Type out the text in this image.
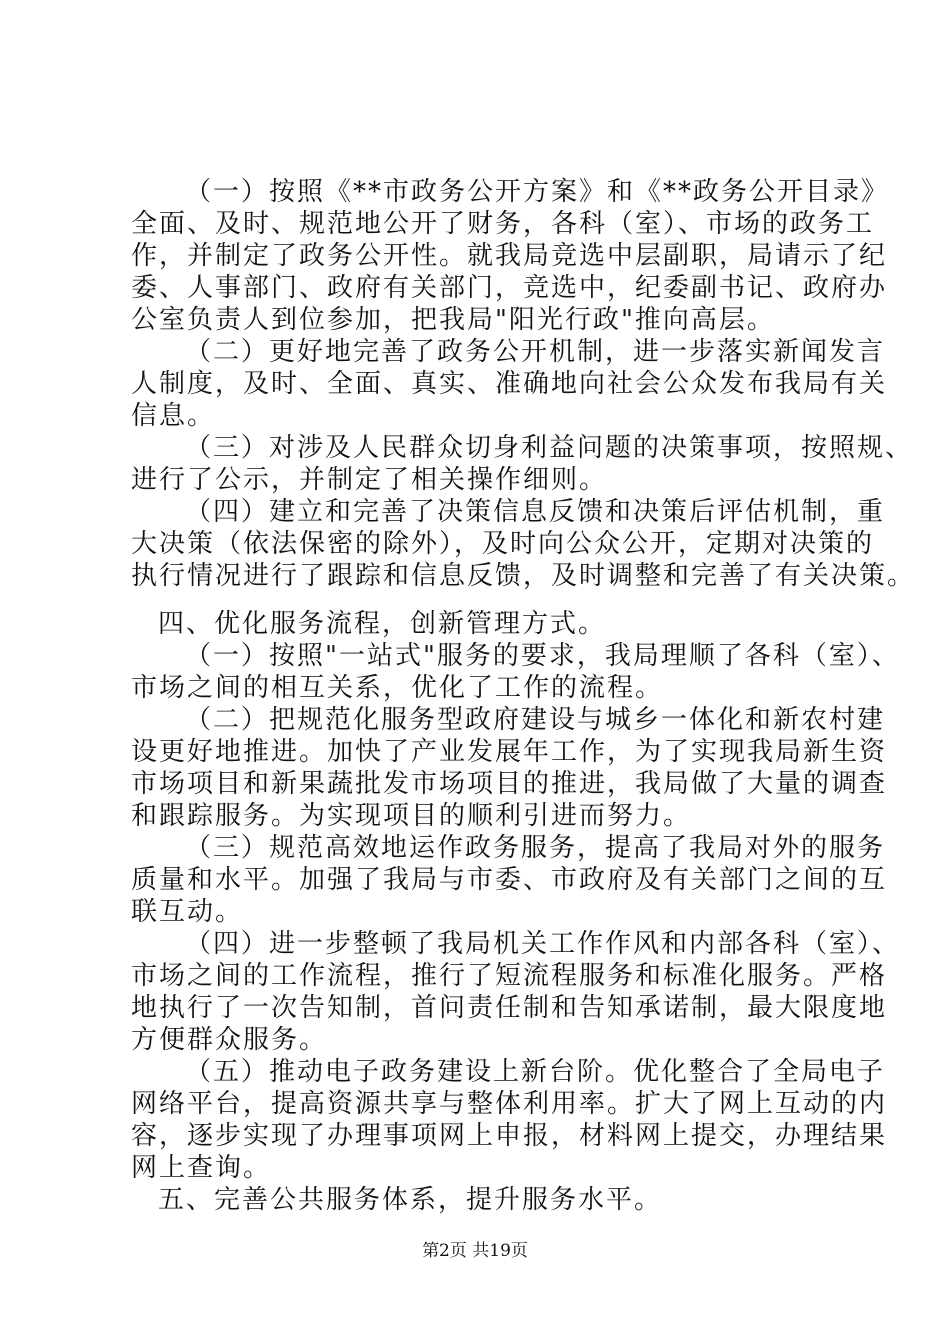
（一）按照《**市政务公开方案》和《**政务公开目录》
全面、及时、规范地公开了财务，各科（室）、市场的政务工
作，并制定了政务公开性。就我局竞选中层副职，局请示了纪
委、人事部门、政府有关部门，竞选中，纪委副书记、政府办
公室负责人到位参加，把我局"阳光行政"推向高层。
（二）更好地完善了政务公开机制，进一步落实新闻发言
人制度，及时、全面、真实、准确地向社会公众发布我局有关
信息。
（三）对涉及人民群众切身利益问题的决策事项，按照规、
进行了公示，并制定了相关操作细则。
（四）建立和完善了决策信息反馈和决策后评估机制，重
大决策（依法保密的除外），及时向公众公开，定期对决策的
执行情况进行了跟踪和信息反馈，及时调整和完善了有关决策。
四、优化服务流程，创新管理方式。
（一）按照"一站式"服务的要求，我局理顺了各科（室）、
市场之间的相互关系，优化了工作的流程。
（二）把规范化服务型政府建设与城乡一体化和新农村建
设更好地推进。加快了产业发展年工作，为了实现我局新生资
市场项目和新果蔬批发市场项目的推进，我局做了大量的调查
和跟踪服务。为实现项目的顺利引进而努力。
（三）规范高效地运作政务服务，提高了我局对外的服务
质量和水平。加强了我局与市委、市政府及有关部门之间的互
联互动。
（四）进一步整顿了我局机关工作作风和内部各科（室）、
市场之间的工作流程，推行了短流程服务和标准化服务。严格
地执行了一次告知制，首问责任制和告知承诺制，最大限度地
方便群众服务。
（五）推动电子政务建设上新台阶。优化整合了全局电子
网络平台，提高资源共享与整体利用率。扩大了网上互动的内
容，逐步实现了办理事项网上申报，材料网上提交，办理结果
网上查询。
五、完善公共服务体系，提升服务水平。
第2页 共19页
